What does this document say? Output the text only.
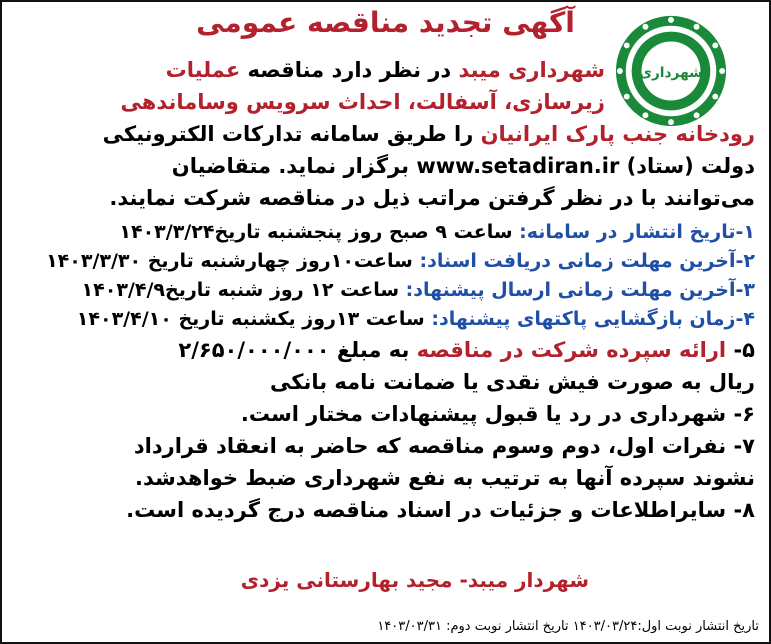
شهرداری
آگهی تجدید مناقصه عمومی
شهرداری میبد در نظر دارد مناقصه عملیات
زیرسازی، آسفالت، احداث سرویس وساماندهی
رودخانه جنب پارک ایرانیان را طریق سامانه تدارکات الکترونیکی
دولت (ستاد) www.setadiran.ir برگزار نماید. متقاضیان
می‌توانند با در نظر گرفتن مراتب ذیل در مناقصه شرکت نمایند.
۱-تاریخ انتشار در سامانه: ساعت ۹ صبح روز پنجشنبه تاریخ۱۴۰۳/۳/۲۴
۲-آخرین مهلت زمانی دریافت اسناد: ساعت۱۰روز چهارشنبه تاریخ ۱۴۰۳/۳/۳۰
۳-آخرین مهلت زمانی ارسال پیشنهاد: ساعت ۱۲ روز شنبه تاریخ۱۴۰۳/۴/۹
۴-زمان بازگشایی پاکتهای پیشنهاد: ساعت ۱۳روز یکشنبه تاریخ ۱۴۰۳/۴/۱۰
۵- ارائه سپرده شرکت در مناقصه به مبلغ ۲/۶۵۰/۰۰۰/۰۰۰
ریال به صورت فیش نقدی یا ضمانت نامه بانکی
۶- شهرداری در رد یا قبول پیشنهادات مختار است.
۷- نفرات اول، دوم وسوم مناقصه که حاضر به انعقاد قرارداد
نشوند سپرده آنها به ترتیب به نفع شهرداری ضبط خواهدشد.
۸- سایراطلاعات و جزئیات در اسناد مناقصه درج گردیده است.
شهردار میبد- مجید بهارستانی یزدی
تاریخ انتشار نوبت اول:۱۴۰۳/۰۳/۲۴ تاریخ انتشار نوبت دوم: ۱۴۰۳/۰۳/۳۱
